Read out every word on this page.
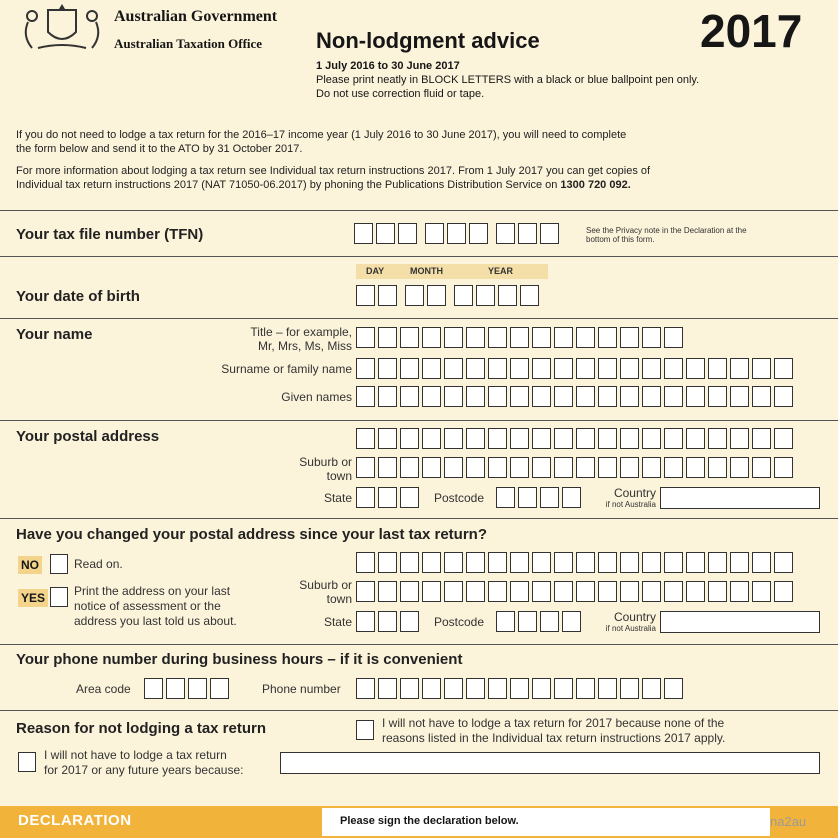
Australian Government
Australian Taxation Office Non-lodgment advice	2017
1 July 2016 to 30 June 2017
Please print neatly in BLOCK LETTERS with a black or blue ballpoint pen only.
Do not use correction fluid or tape.
If you do not need to lodge a tax return for the 2016–17 income year (1 July 2016 to 30 June 2017), you will need to complete
the form below and send it to the ATO by 31 October 2017.
For more information about lodging a tax return see Individual tax return instructions 2017. From 1 July 2017 you can get copies of
Individual tax return instructions 2017 (NAT 71050-06.2017) by phoning the Publications Distribution Service on 1300 720 092.
Your tax file number (TFN)	See the Privacy note in the Declaration at the
bottom of this form.
DAY	MONTH	YEAR
Your date of birth
Your name	Title – for example,
Mr, Mrs, Ms, Miss
Surname or family name
Given names
Your postal address
Suburb or
town
State	Postcode	Country
if not Australia
Have you changed your postal address since your last tax return?
NO	Read on.
YES Print the address on your last
notice of assessment or the
address you last told us about.
Suburb or
town
State	Postcode	Country
if not Australia
Your phone number during business hours – if it is convenient
Area code	Phone number
Reason for not lodging a tax return	I will not have to lodge a tax return for 2017 because none of the
reasons listed in the Individual tax return instructions 2017 apply.
I will not have to lodge a tax return
for 2017 or any future years because:
DECLARATION	Please sign the declaration below.	na2au
